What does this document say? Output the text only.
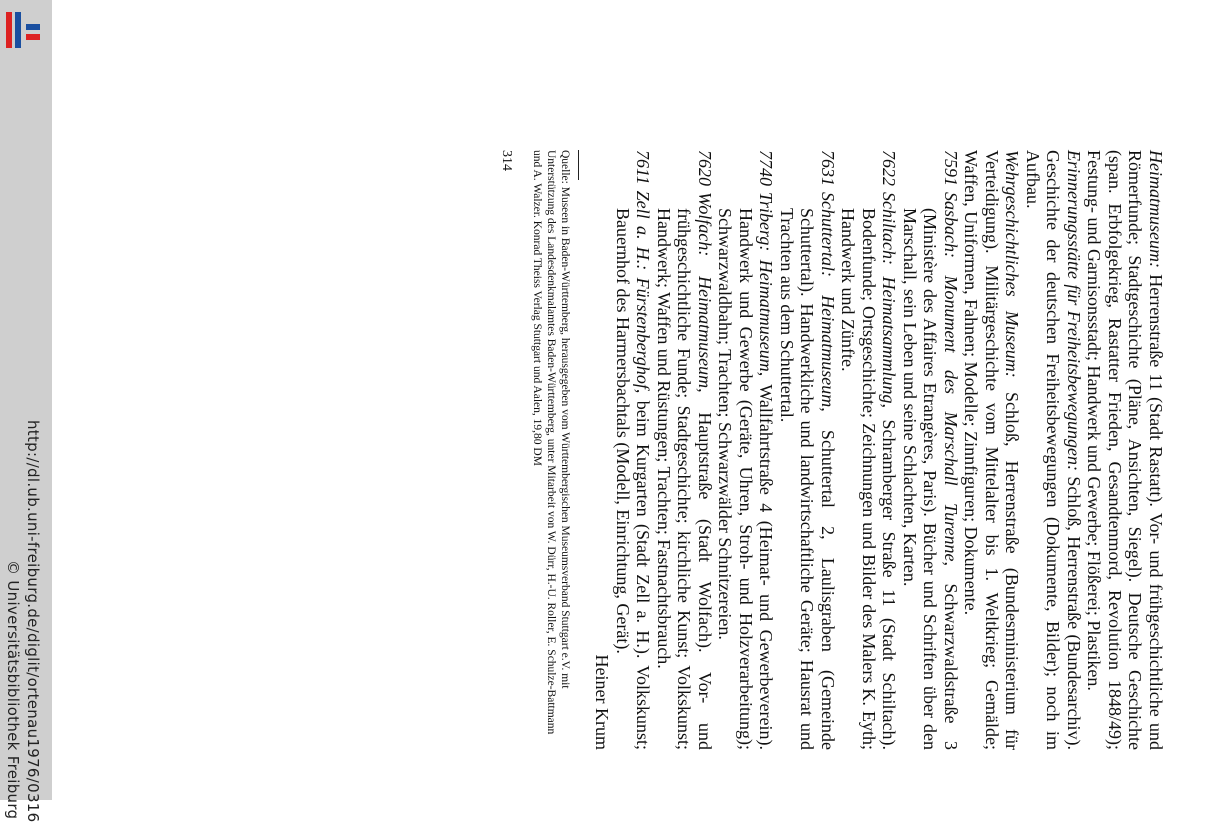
http://dl.ub.uni-freiburg.de/diglit/ortenau1976/0316
© Universitätsbibliothek Freiburg

Heimatmuseum: Herrenstraße 11 (Stadt Rastatt). Vor- und frühgeschichtliche und Römerfunde; Stadtgeschichte (Pläne, Ansichten, Siegel). Deutsche Geschichte (span. Erbfolgekrieg, Rastatter Frieden, Gesandtenmord, Revolution 1848/49); Festung- und Garnisonsstadt; Handwerk und Gewerbe; Flößerei; Plastiken.
Erinnerungsstätte für Freiheitsbewegungen: Schloß, Herrenstraße (Bundesarchiv). Geschichte der deutschen Freiheitsbewegungen (Dokumente, Bilder); noch im Aufbau.
Wehrgeschichtliches Museum: Schloß, Herrenstraße (Bundesministerium für Verteidigung). Militärgeschichte vom Mittelalter bis 1. Weltkrieg; Gemälde; Waffen, Uniformen, Fahnen; Modelle; Zinnfiguren; Dokumente.

7591Sasbach: Monument des Marschall Turenne, Schwarzwaldstraße 3 (Ministère des Affaires Etrangères, Paris). Bücher und Schriften über den Marschall, sein Leben und seine Schlachten, Karten.

7622Schiltach: Heimatsammlung, Schramberger Straße 11 (Stadt Schiltach). Bodenfunde; Ortsgeschichte; Zeichnungen und Bilder des Malers K. Eyth; Handwerk und Zünfte.

7631Schuttertal: Heimatmuseum, Schuttertal 2, Laulisgraben (Gemeinde Schuttertal). Handwerkliche und landwirtschaftliche Geräte; Hausrat und Trachten aus dem Schuttertal.

7740Triberg: Heimatmuseum, Wallfahrtstraße 4 (Heimat- und Gewerbeverein). Handwerk und Gewerbe (Geräte, Uhren, Stroh- und Holzverarbeitung); Schwarzwaldbahn; Trachten; Schwarzwälder Schnitzereien.

7620Wolfach: Heimatmuseum, Hauptstraße (Stadt Wolfach). Vor- und frühgeschichtliche Funde; Stadtgeschichte; kirchliche Kunst; Volkskunst; Handwerk; Waffen und Rüstungen; Trachten; Fastnachtsbrauch.

7611Zell a. H.: Fürstenberghof, beim Kurgarten (Stadt Zell a. H.). Volkskunst; Bauernhof des Harmersbachtals (Modell, Einrichtung, Gerät).

Heiner Krum
Quelle: Museen in Baden-Württemberg, herausgegeben vom Württembergischen Museumsverband Stuttgart e.V. mit Unterstützung des Landesdenkmalamtes Baden-Württemberg, unter Mitarbeit von W. Dürr, H.-U. Roller, E. Schulze-Battmann und A. Walzer. Konrad Theiss Verlag Stuttgart und Aalen, 19,80 DM
314
